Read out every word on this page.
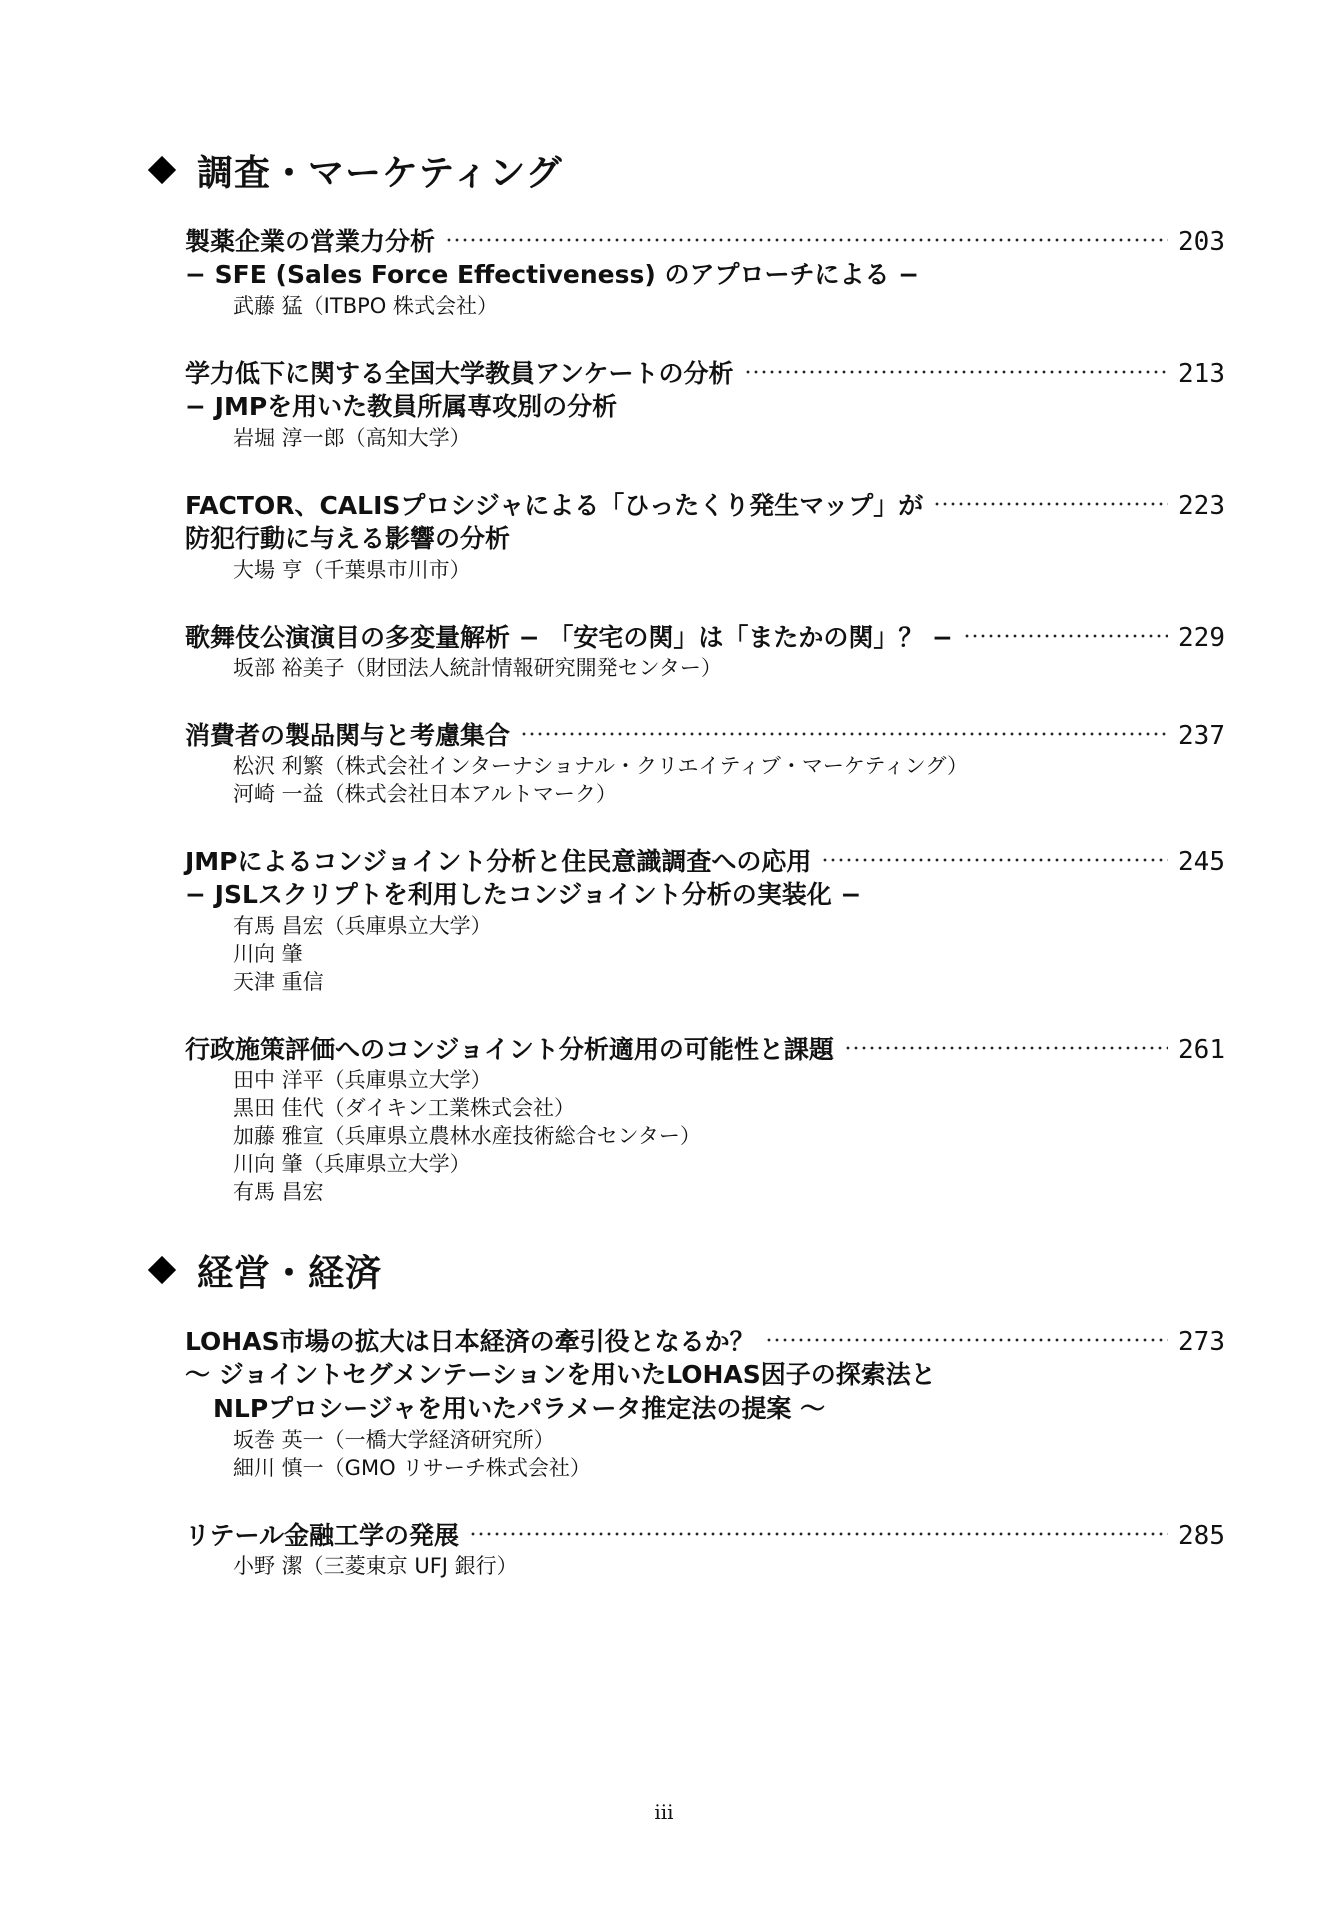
調査・マーケティング
製薬企業の営業力分析	203
− SFE (Sales Force Effectiveness) のアプローチによる −
武藤 猛（ITBPO 株式会社）
学力低下に関する全国大学教員アンケートの分析	213
− JMPを用いた教員所属専攻別の分析
岩堀 淳一郎（高知大学）
FACTOR、CALISプロシジャによる「ひったくり発生マップ」が	223
防犯行動に与える影響の分析
大場 亨（千葉県市川市）
歌舞伎公演演目の多変量解析 − 「安宅の関」は「またかの関」？ −	229
坂部 裕美子（財団法人統計情報研究開発センター）
消費者の製品関与と考慮集合	237
松沢 利繁（株式会社インターナショナル・クリエイティブ・マーケティング）
河崎 一益（株式会社日本アルトマーク）
JMPによるコンジョイント分析と住民意識調査への応用	245
− JSLスクリプトを利用したコンジョイント分析の実装化 −
有馬 昌宏（兵庫県立大学）
川向 肇
天津 重信
行政施策評価へのコンジョイント分析適用の可能性と課題	261
田中 洋平（兵庫県立大学）
黒田 佳代（ダイキン工業株式会社）
加藤 雅宣（兵庫県立農林水産技術総合センター）
川向 肇（兵庫県立大学）
有馬 昌宏
経営・経済
LOHAS市場の拡大は日本経済の牽引役となるか？	273
～ ジョイントセグメンテーションを用いたLOHAS因子の探索法と
NLPプロシージャを用いたパラメータ推定法の提案 ～
坂巻 英一（一橋大学経済研究所）
細川 慎一（GMO リサーチ株式会社）
リテール金融工学の発展	285
小野 潔（三菱東京 UFJ 銀行）
iii
